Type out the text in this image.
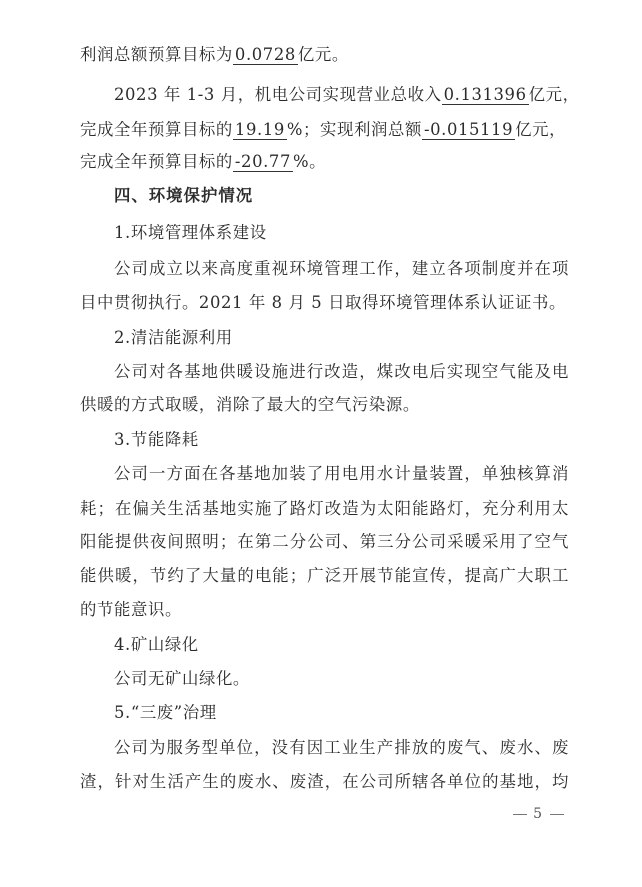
利润总额预算目标为 0.0728 亿元。
2023 年 1-3 月，机电公司实现营业总收入 0.131396 亿元，
完成全年预算目标的 19.19 %；实现利润总额 -0.015119 亿元，
完成全年预算目标的 -20.77 %。
四、环境保护情况
1.环境管理体系建设
公司成立以来高度重视环境管理工作，建立各项制度并在项
目中贯彻执行。2021 年 8 月 5 日取得环境管理体系认证证书。
2.清洁能源利用
公司对各基地供暖设施进行改造，煤改电后实现空气能及电
供暖的方式取暖，消除了最大的空气污染源。
3.节能降耗
公司一方面在各基地加装了用电用水计量装置，单独核算消
耗；在偏关生活基地实施了路灯改造为太阳能路灯，充分利用太
阳能提供夜间照明；在第二分公司、第三分公司采暖采用了空气
能供暖，节约了大量的电能；广泛开展节能宣传，提高广大职工
的节能意识。
4.矿山绿化
公司无矿山绿化。
5.“三废”治理
公司为服务型单位，没有因工业生产排放的废气、废水、废
渣，针对生活产生的废水、废渣，在公司所辖各单位的基地，均
5
